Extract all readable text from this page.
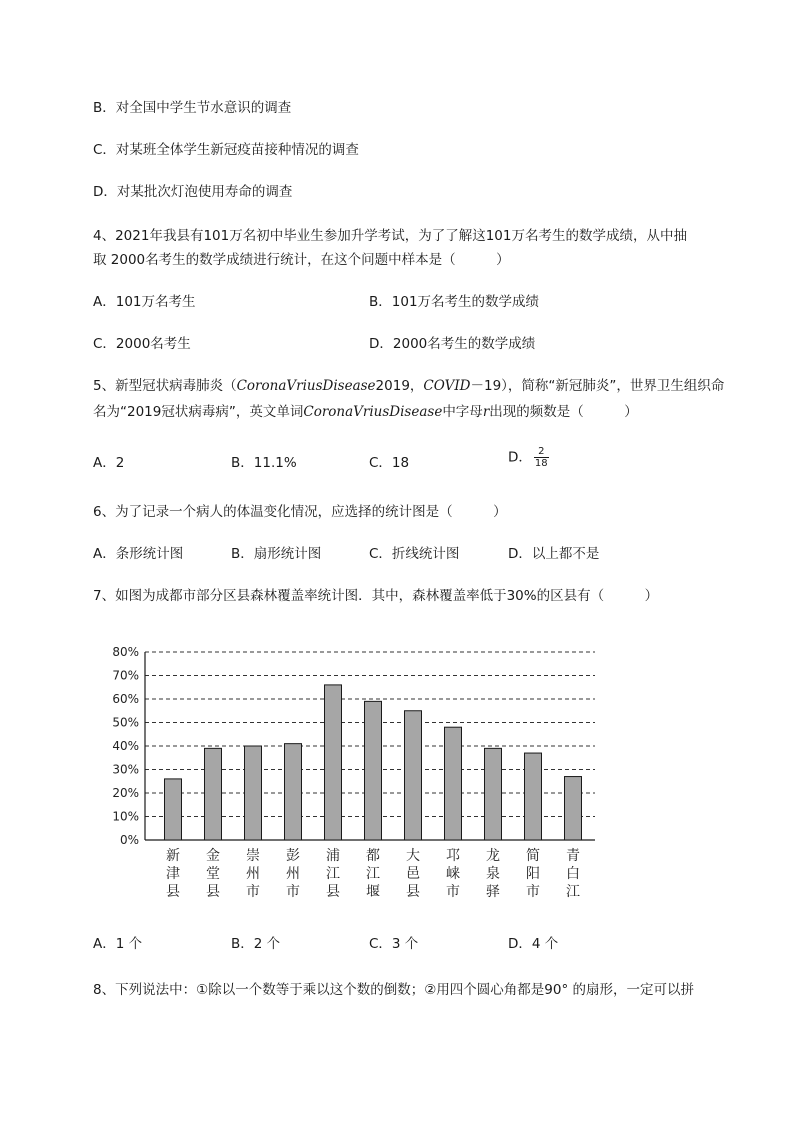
B．对全国中学生节水意识的调查
C．对某班全体学生新冠疫苗接种情况的调查
D．对某批次灯泡使用寿命的调查
4、2021年我县有101万名初中毕业生参加升学考试，为了了解这101万名考生的数学成绩，从中抽
取 2000名考生的数学成绩进行统计，在这个问题中样本是（　　　）
A．101万名考生	B．101万名考生的数学成绩
C．2000名考生	D．2000名考生的数学成绩
5、新型冠状病毒肺炎（CoronaVriusDisease2019，COVID－19），简称“新冠肺炎”，世界卫生组织命
名为“2019冠状病毒病”，英文单词CoronaVriusDisease中字母r出现的频数是（　　　）
A．2	B．11.1%	C．18	D． $\frac{2}{18}$
6、为了记录一个病人的体温变化情况，应选择的统计图是（　　　）
A．条形统计图	B．扇形统计图	C．折线统计图	D．以上都不是
7、如图为成都市部分区县森林覆盖率统计图．其中，森林覆盖率低于30%的区县有（　　　）
0%
10%
20%
30%
40%
50%
60%
70%
80%
新
津
县
金
堂
县
崇
州
市
彭
州
市
浦
江
县
都
江
堰
大
邑
县
邛
崃
市
龙
泉
驿
简
阳
市
青
白
江
A．1 个	B．2 个	C．3 个	D．4 个
8、下列说法中：①除以一个数等于乘以这个数的倒数；②用四个圆心角都是90° 的扇形，一定可以拼
